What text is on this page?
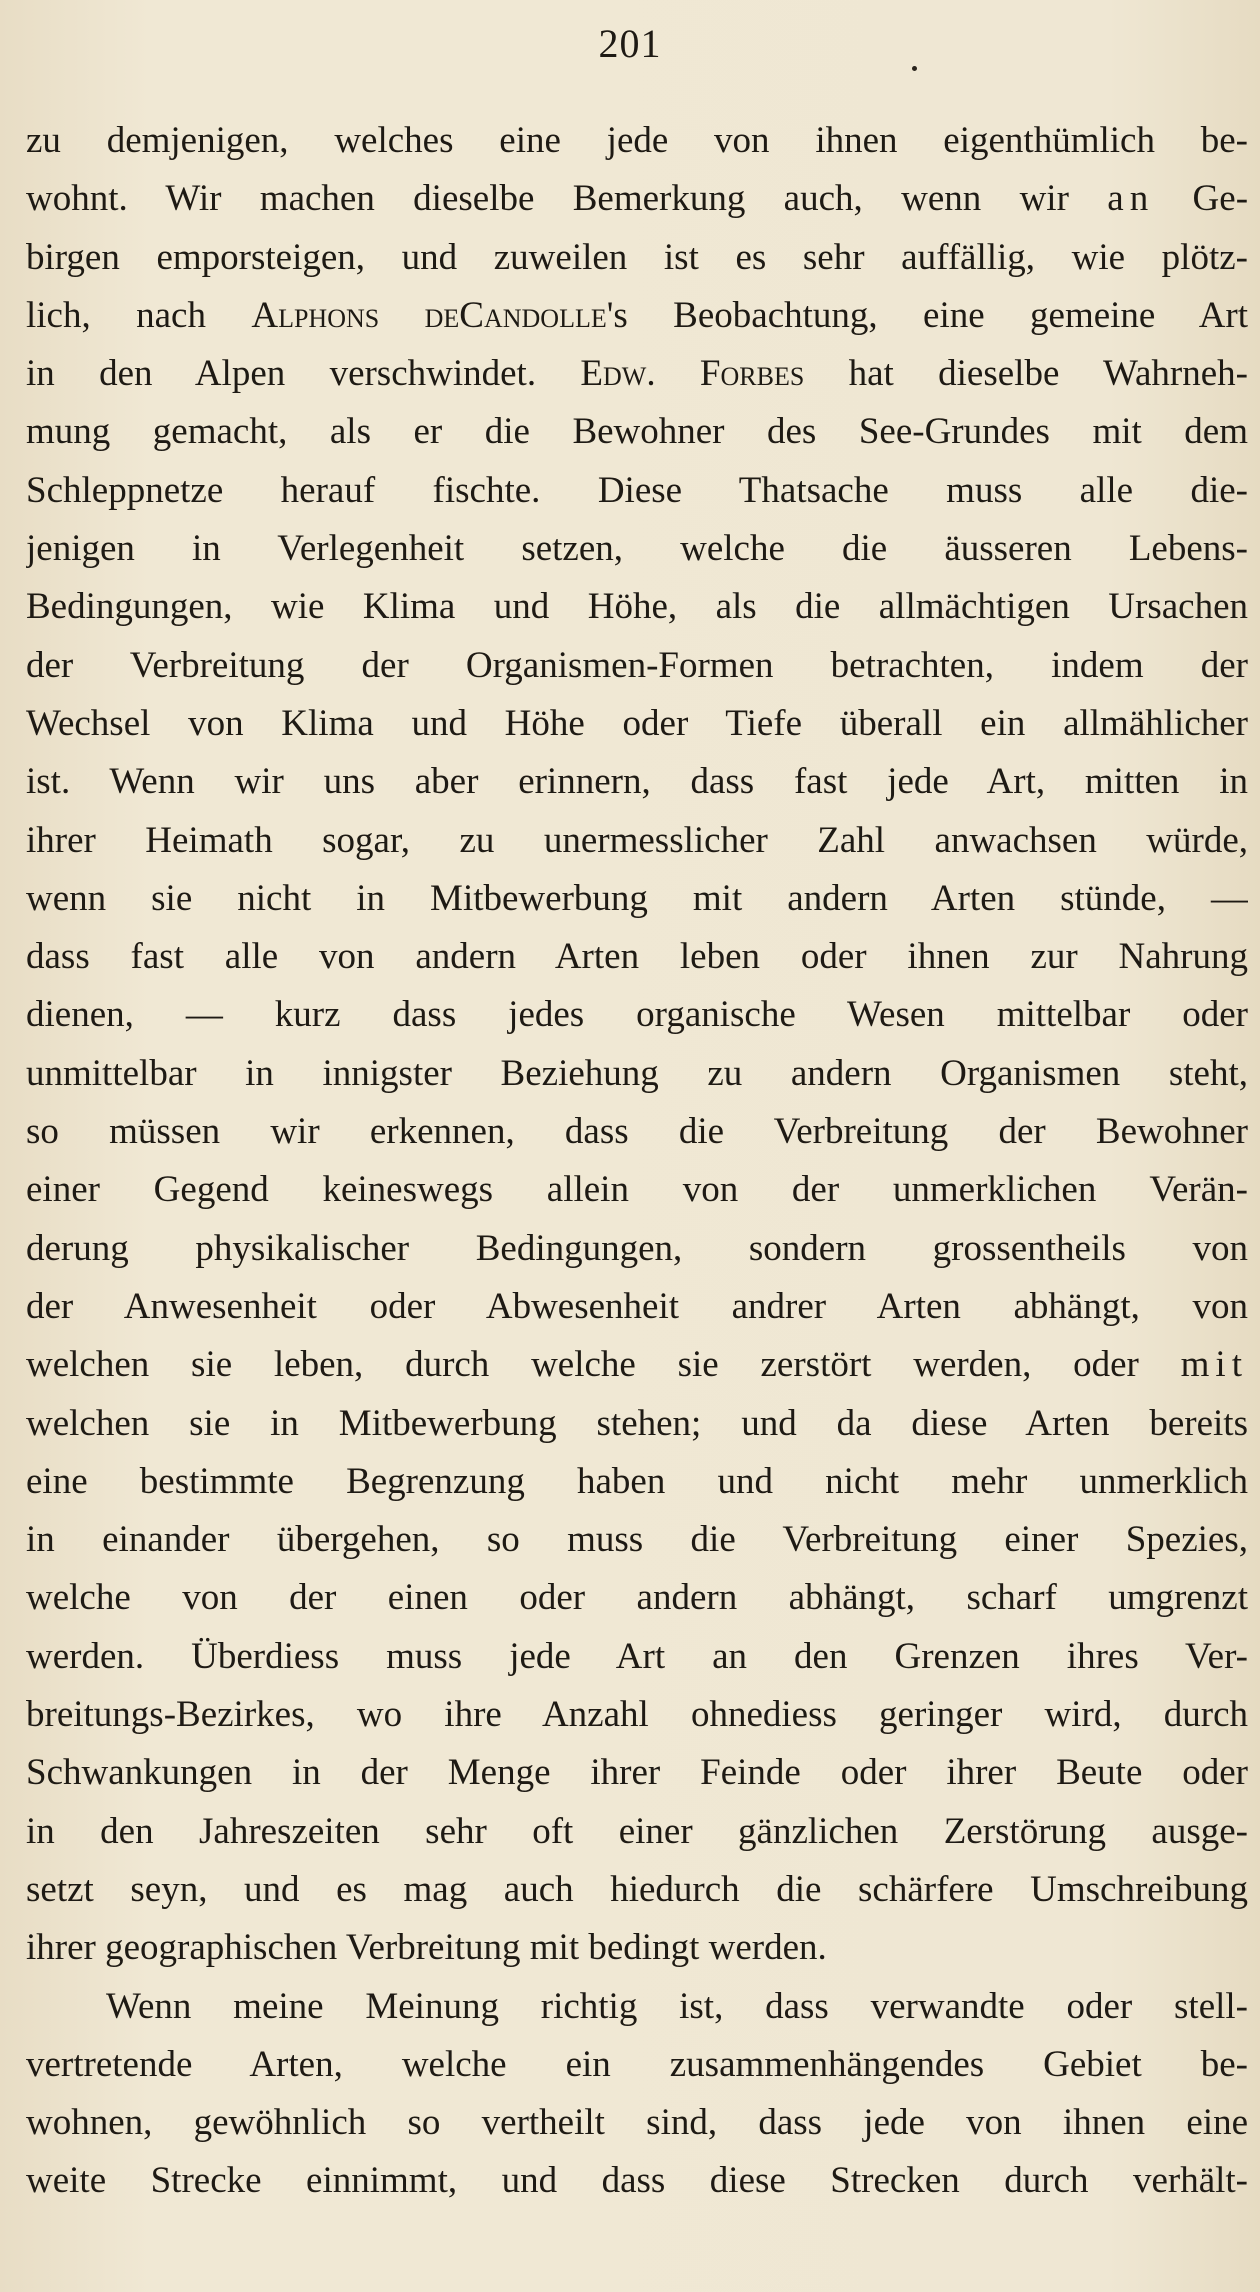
201
zu demjenigen, welches eine jede von ihnen eigenthümlich be-
wohnt. Wir machen dieselbe Bemerkung auch, wenn wir an Ge-
birgen emporsteigen, und zuweilen ist es sehr auffällig, wie plötz-
lich, nach Alphons deCandolle's Beobachtung, eine gemeine Art
in den Alpen verschwindet. Edw. Forbes hat dieselbe Wahrneh-
mung gemacht, als er die Bewohner des See-Grundes mit dem
Schleppnetze herauf fischte. Diese Thatsache muss alle die-
jenigen in Verlegenheit setzen, welche die äusseren Lebens-
Bedingungen, wie Klima und Höhe, als die allmächtigen Ursachen
der Verbreitung der Organismen-Formen betrachten, indem der
Wechsel von Klima und Höhe oder Tiefe überall ein allmählicher
ist. Wenn wir uns aber erinnern, dass fast jede Art, mitten in
ihrer Heimath sogar, zu unermesslicher Zahl anwachsen würde,
wenn sie nicht in Mitbewerbung mit andern Arten stünde, —
dass fast alle von andern Arten leben oder ihnen zur Nahrung
dienen, — kurz dass jedes organische Wesen mittelbar oder
unmittelbar in innigster Beziehung zu andern Organismen steht,
so müssen wir erkennen, dass die Verbreitung der Bewohner
einer Gegend keineswegs allein von der unmerklichen Verän-
derung physikalischer Bedingungen, sondern grossentheils von
der Anwesenheit oder Abwesenheit andrer Arten abhängt, von
welchen sie leben, durch welche sie zerstört werden, oder mit
welchen sie in Mitbewerbung stehen; und da diese Arten bereits
eine bestimmte Begrenzung haben und nicht mehr unmerklich
in einander übergehen, so muss die Verbreitung einer Spezies,
welche von der einen oder andern abhängt, scharf umgrenzt
werden. Überdiess muss jede Art an den Grenzen ihres Ver-
breitungs-Bezirkes, wo ihre Anzahl ohnediess geringer wird, durch
Schwankungen in der Menge ihrer Feinde oder ihrer Beute oder
in den Jahreszeiten sehr oft einer gänzlichen Zerstörung ausge-
setzt seyn, und es mag auch hiedurch die schärfere Umschreibung
ihrer geographischen Verbreitung mit bedingt werden.
Wenn meine Meinung richtig ist, dass verwandte oder stell-
vertretende Arten, welche ein zusammenhängendes Gebiet be-
wohnen, gewöhnlich so vertheilt sind, dass jede von ihnen eine
weite Strecke einnimmt, und dass diese Strecken durch verhält-
